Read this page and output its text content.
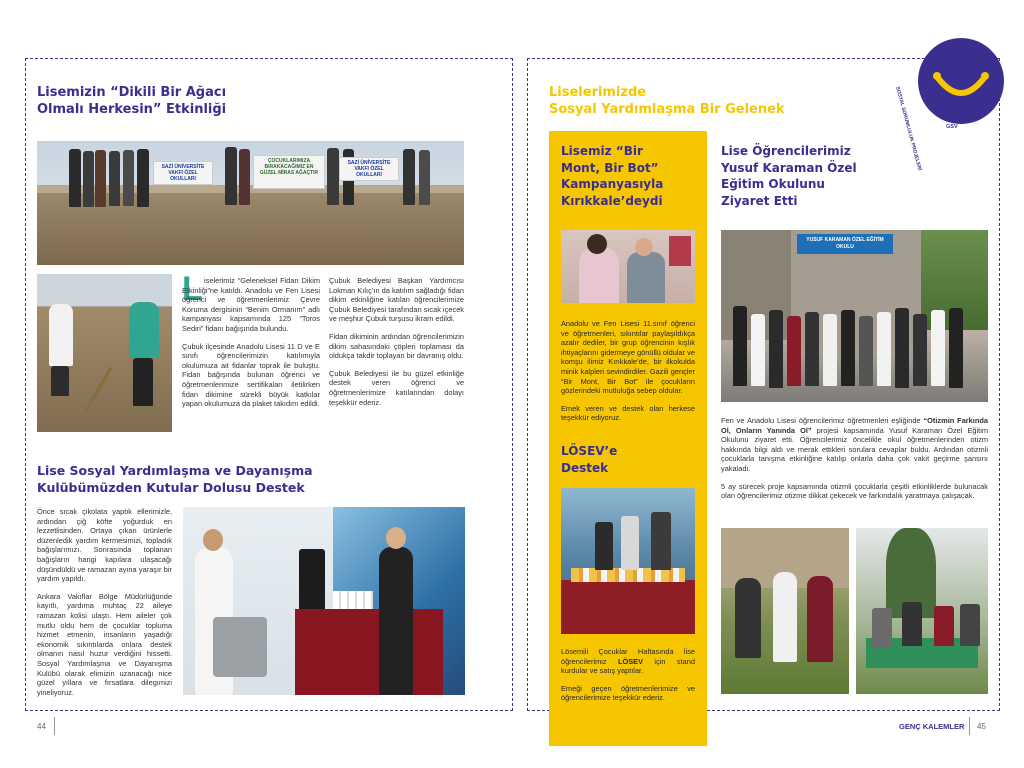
Lisemizin “Dikili Bir Ağacı
Olmalı Herkesin” Etkinliği
SAZİ ÜNİVERSİTE VAKFI ÖZEL OKULLARI
ÇOCUKLARIMIZA BIRAKACAĞIMIZ EN GÜZEL MİRAS AĞAÇTIR
SAZİ ÜNİVERSİTE VAKFI ÖZEL OKULLARI
L iselerimiz “Geleneksel Fidan Dikim Etkinliği”ne katıldı. Anadolu ve Fen Lisesi öğrenci ve öğretmenlerimiz Çevre Koruma dergisinin “Benim Ormanım” adlı kampanyası kapsamında 125 “Toros Sediri” fidanı bağışında bulundu.

Çubuk ilçesinde Anadolu Lisesi 11 D ve E sınıfı öğrencilerimizin katılımıyla okulumuza ait fidanlar toprak ile buluştu. Fidan bağışında bulunan öğrenci ve öğretmenlerimize sertifikaları iletilirken fidan dikimine sürekli büyük katkılar yapan okulumuza da plaket takıdım edildi.

Çubuk Belediyesi Başkan Yardımcısı Lokman Kılıç’ın da katılım sağladığı fidan dikim etkinliğine katılan öğrencilerimize Çubuk Belediyesi tarafından sıcak içecek ve meşhur Çubuk turşusu ikram edildi.

Fidan dikiminin ardından öğrencilerimizin dikim sahasındaki çöpleri toplaması da oldukça takdir toplayan bir davranış oldu.

Çubuk Belediyesi ile bu güzel etkinliğe destek veren öğrenci ve öğretmenlerimize katılarından dolayı teşekkür ederiz.

Lise Sosyal Yardımlaşma ve Dayanışma
Kulübümüzden Kutular Dolusu Destek

Önce sıcak çikolata yaptık ellerimizle, ardından çiğ köfte yoğurduk en lezzetlisinden. Ortaya çıkan ürünlerle düzenledik yardım kermesimizi, topladık bağışlarımızı. Sonrasında toplanan bağışların hangi kapılara ulaşacağı düşündüldü ve ramazan ayına yaraşır bir yardım yapıldı.

Ankara Vakıflar Bölge Müdürlüğünde kayıtlı, yardıma muhtaç 22 aileye ramazan kolisi ulaştı. Hem aileler çok mutlu oldu hem de çocuklar topluma hizmet etmenin, insanların yaşadığı ekonomik sıkıntılarda onlara destek olmanın nasıl huzur verdiğini hissetti. Sosyal Yardımlaşma ve Dayanışma Kulübü olarak elimizin uzanacağı nice güzel yıllara ve fırsatlara dilegımizi yineliyoruz.

44
Liselerimizde
Sosyal Yardımlaşma Bir Gelenek
GSV
SOSYAL SORUMLULUK PROJELERİ
Lisemiz “Bir
Mont, Bir Bot”
Kampanyasıyla
Kırıkkale’deydi

Anadolu ve Fen Lisesi 11.sınıf öğrenci ve öğretmenleri, sıkıntılar paylaşıldıkça azalır dediler, bir grup öğrencinin kışlık ihtiyaçlarını gidermeye gönüllü oldular ve komşu ilimiz Kırıkkale’de, bir ilkokulda minik kalpleri sevindirdiler. Gazili gençler “Bir Mont, Bir Bot” ile çocukların gözlerindeki mutluluğa sebep oldular.

Emek veren ve destek olan herkese teşekkür ediyoruz.

LÖSEV’e
Destek

Lösemili Çocuklar Haftasında lise öğrencilerimiz LÖSEV için stand kurdular ve satış yaptılar.

Emeği geçen öğretmenlerimize ve öğrencilerimize teşekkür ederiz.

Lise Öğrencilerimiz
Yusuf Karaman Özel
Eğitim Okulunu
Ziyaret Etti
YUSUF KARAMAN ÖZEL EĞİTİM OKULU

Fen ve Anadolu Lisesi öğrencilerimiz öğretmenleri eşliğinde “Otizmin Farkında Ol, Onların Yanında Ol” projesi kapsamında Yusuf Karaman Özel Eğitim Okulunu ziyaret etti. Öğrencilerimiz öncelikle okul öğretmenlerinden otizm hakkında bilgi aldı ve merak ettikleri sorulara cevaplar buldu. Ardından otizmli çocuklarla tanışma etkinliğine katılıp onlarla daha çok vakit geçirme şansını yakaladı.

5 ay sürecek proje kapsamında otizmli çocuklarla çeşitli etkinliklerde bulunacak olan öğrencilerimiz otizme dikkat çekecek ve farkındalık yaratmaya çalışacak.

GENÇ KALEMLER 45
